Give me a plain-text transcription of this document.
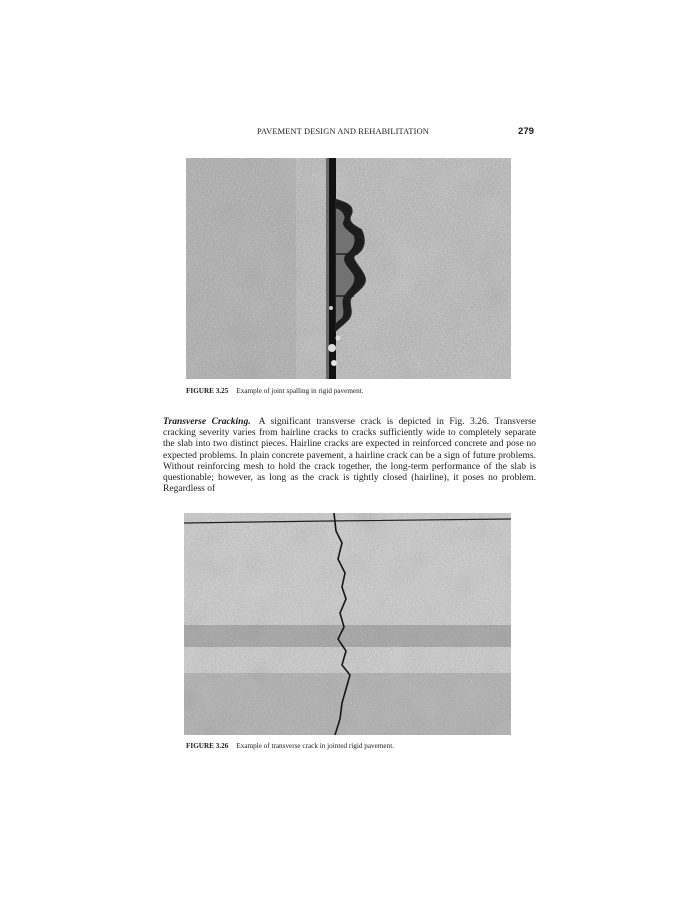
PAVEMENT DESIGN AND REHABILITATION	279
FIGURE 3.25 Example of joint spalling in rigid pavement.
Transverse Cracking. A significant transverse crack is depicted in Fig. 3.26. Transverse cracking severity varies from hairline cracks to cracks sufficiently wide to completely separate the slab into two distinct pieces. Hairline cracks are expected in reinforced concrete and pose no expected problems. In plain concrete pavement, a hairline crack can be a sign of future problems. Without reinforcing mesh to hold the crack together, the long-term performance of the slab is questionable; however, as long as the crack is tightly closed (hairline), it poses no problem. Regardless of
FIGURE 3.26 Example of transverse crack in jointed rigid pavement.
